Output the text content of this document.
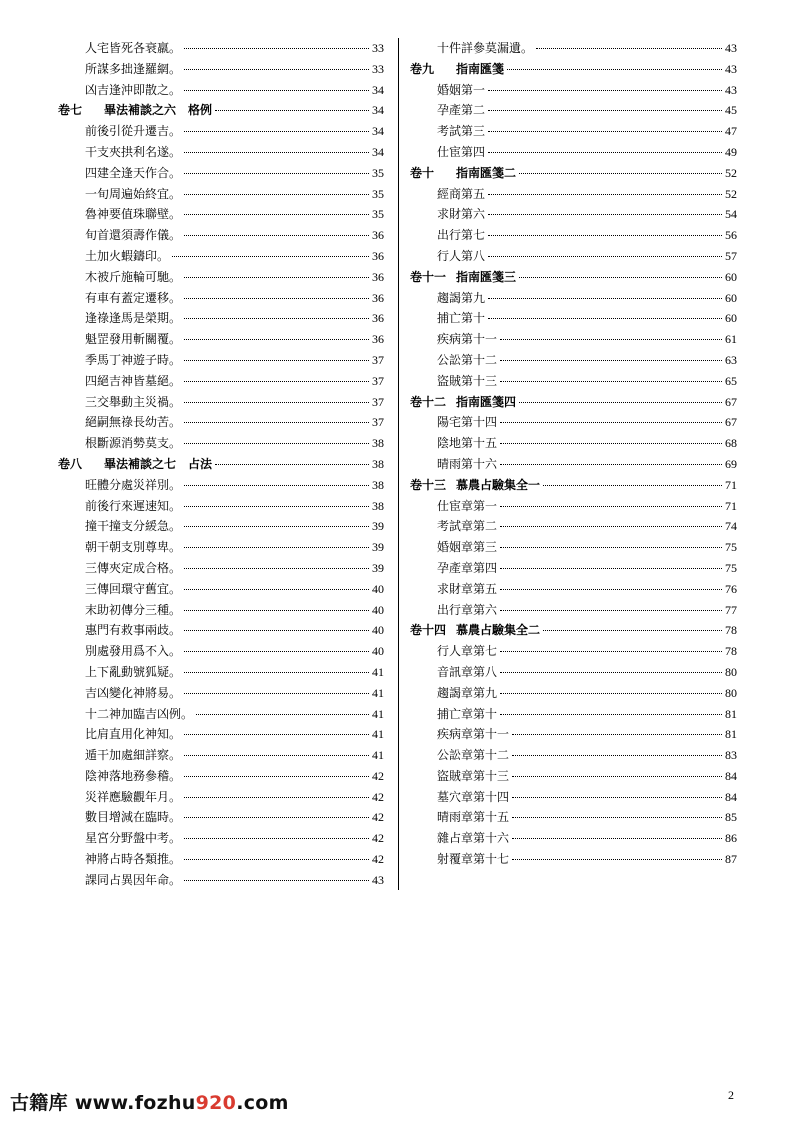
人宅皆死各衰羸。	33
所謀多拙逢羅網。	33
凶吉逢沖即散之。	34
卷七	畢法補談之六　格例	34
前後引從升遷吉。	34
干支夾拱利名遂。	34
四建全逢天作合。	35
一旬周遍始終宜。	35
魯神要值珠聯壁。	35
旬首還須壽作儀。	36
土加火蝦鑄印。	36
木被斤施輪可馳。	36
有車有蓋定遷移。	36
逢祿逢馬是榮期。	36
魁罡發用斬關覆。	36
季馬丁神遊子時。	37
四絕吉神皆墓絕。	37
三交舉動主災禍。	37
絕嗣無祿長幼苦。	37
根斷源消勢莫支。	38
卷八	畢法補談之七　占法	38
旺體分處災祥別。	38
前後行來遲速知。	38
撞干撞支分緩急。	39
朝干朝支別尊卑。	39
三傳夾定成合格。	39
三傳回環守舊宜。	40
末助初傳分三種。	40
惠門有救事兩歧。	40
別處發用爲不入。	40
上下亂動號狐疑。	41
吉凶變化神將易。	41
十二神加臨吉凶例。	41
比肩直用化神知。	41
遁干加處細詳察。	41
陰神落地務參稽。	42
災祥應驗觀年月。	42
數目增減在臨時。	42
星宮分野盤中考。	42
神將占時各類推。	42
課同占異因年命。	43
十件詳參莫漏遺。	43
卷九	指南匯箋	43
婚姻第一	43
孕產第二	45
考試第三	47
仕宦第四	49
卷十	指南匯箋二	52
經商第五	52
求財第六	54
出行第七	56
行人第八	57
卷十一 指南匯箋三	60
趨謁第九	60
捕亡第十	60
疾病第十一	61
公訟第十二	63
盜賊第十三	65
卷十二 指南匯箋四	67
陽宅第十四	67
陰地第十五	68
晴雨第十六	69
卷十三 慕農占驗集全一	71
仕宦章第一	71
考試章第二	74
婚姻章第三	75
孕產章第四	75
求財章第五	76
出行章第六	77
卷十四 慕農占驗集全二	78
行人章第七	78
音訊章第八	80
趨謁章第九	80
捕亡章第十	81
疾病章第十一	81
公訟章第十二	83
盜賊章第十三	84
墓穴章第十四	84
晴雨章第十五	85
雜占章第十六	86
射覆章第十七	87
古籍库 www.fozhu920.com	2
